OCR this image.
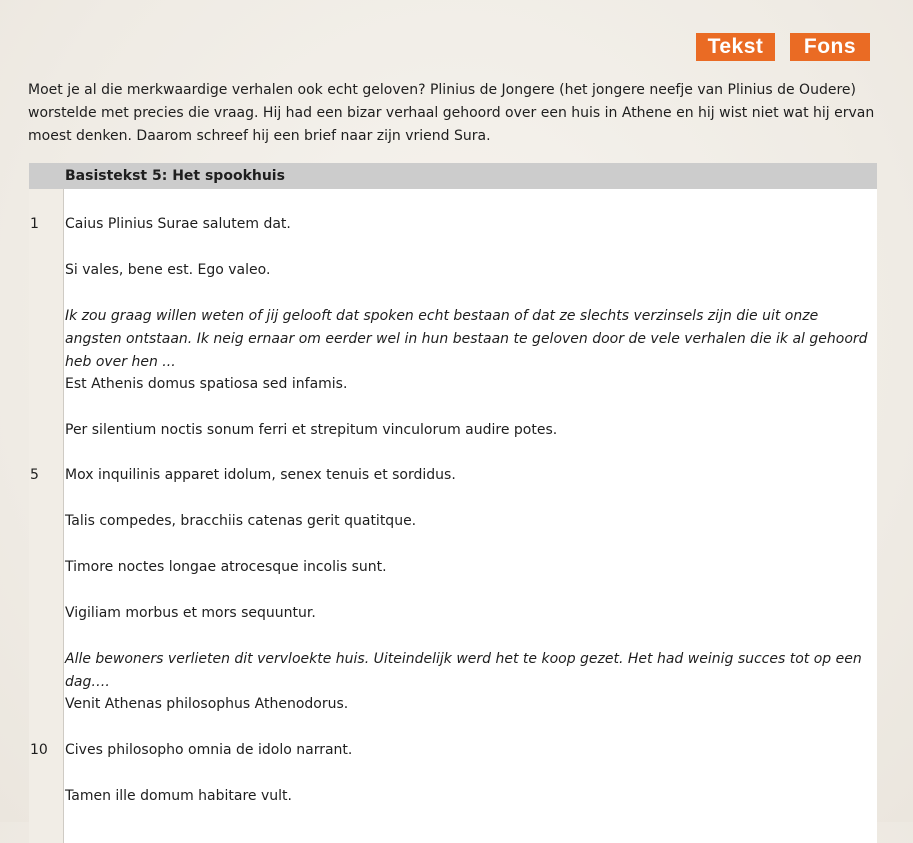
Tekst	Fons

Moet je al die merkwaardige verhalen ook echt geloven? Plinius de Jongere (het jongere neefje van Plinius de Oudere) worstelde met precies die vraag. Hij had een bizar verhaal gehoord over een huis in Athene en hij wist niet wat hij ervan moest denken. Daarom schreef hij een brief naar zijn vriend Sura.

Basistekst 5: Het spookhuis
1 Caius Plinius Surae salutem dat.

Si vales, bene est. Ego valeo.

Ik zou graag willen weten of jij gelooft dat spoken echt bestaan of dat ze slechts verzinsels zijn die uit onze angsten ontstaan. Ik neig ernaar om eerder wel in hun bestaan te geloven door de vele verhalen die ik al gehoord heb over hen ...

Est Athenis domus spatiosa sed infamis.

Per silentium noctis sonum ferri et strepitum vinculorum audire potes.

5 Mox inquilinis apparet idolum, senex tenuis et sordidus.

Talis compedes, bracchiis catenas gerit quatitque.

Timore noctes longae atrocesque incolis sunt.

Vigiliam morbus et mors sequuntur.

Alle bewoners verlieten dit vervloekte huis. Uiteindelijk werd het te koop gezet. Het had weinig succes tot op een dag….

Venit Athenas philosophus Athenodorus.

10 Cives philosopho omnia de idolo narrant.

Tamen ille domum habitare vult.
